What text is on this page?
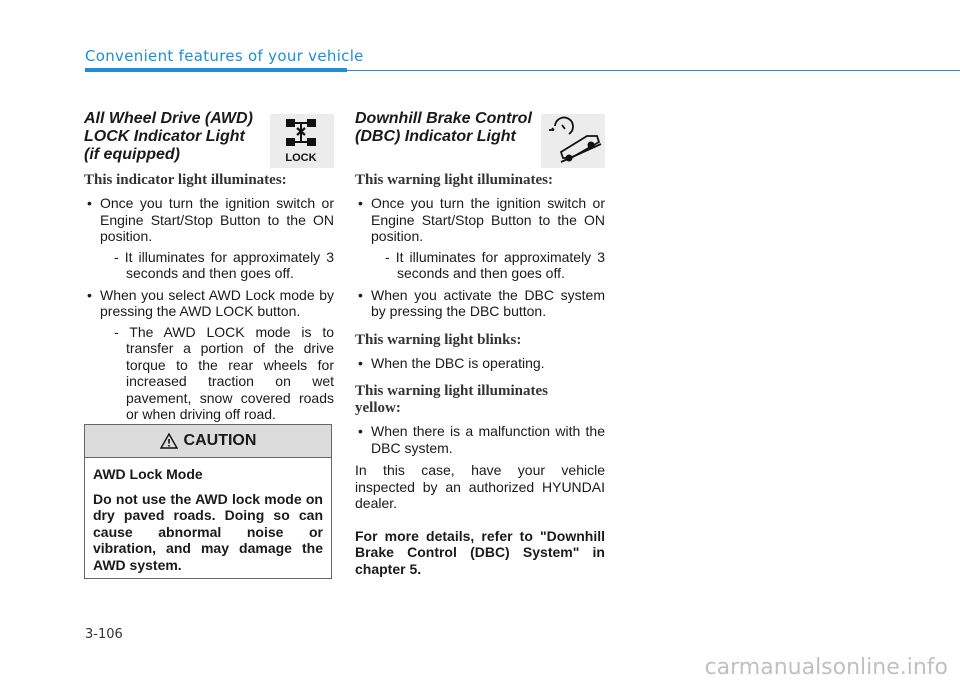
Convenient features of your vehicle
All Wheel Drive (AWD)
LOCK Indicator Light
(if equipped)	LOCK
This indicator light illuminates:
• Once you turn the ignition switch or Engine Start/Stop Button to the ON position.

- It illuminates for approximately 3 seconds and then goes off.

• When you select AWD Lock mode by pressing the AWD LOCK button.

- The AWD LOCK mode is to transfer a portion of the drive torque to the rear wheels for increased traction on wet pavement, snow covered roads or when driving off road.

CAUTION

AWD Lock Mode

Do not use the AWD lock mode on dry paved roads. Doing so can cause abnormal noise or vibration, and may damage the AWD system.

Downhill Brake Control
(DBC) Indicator Light
This warning light illuminates:
• Once you turn the ignition switch or Engine Start/Stop Button to the ON position.

- It illuminates for approximately 3 seconds and then goes off.

• When you activate the DBC system by pressing the DBC button.
This warning light blinks:
• When the DBC is operating.
This warning light illuminates yellow:
• When there is a malfunction with the DBC system.

In this case, have your vehicle inspected by an authorized HYUNDAI dealer.

For more details, refer to "Downhill Brake Control (DBC) System" in chapter 5.

3-106
carmanualsonline.info
